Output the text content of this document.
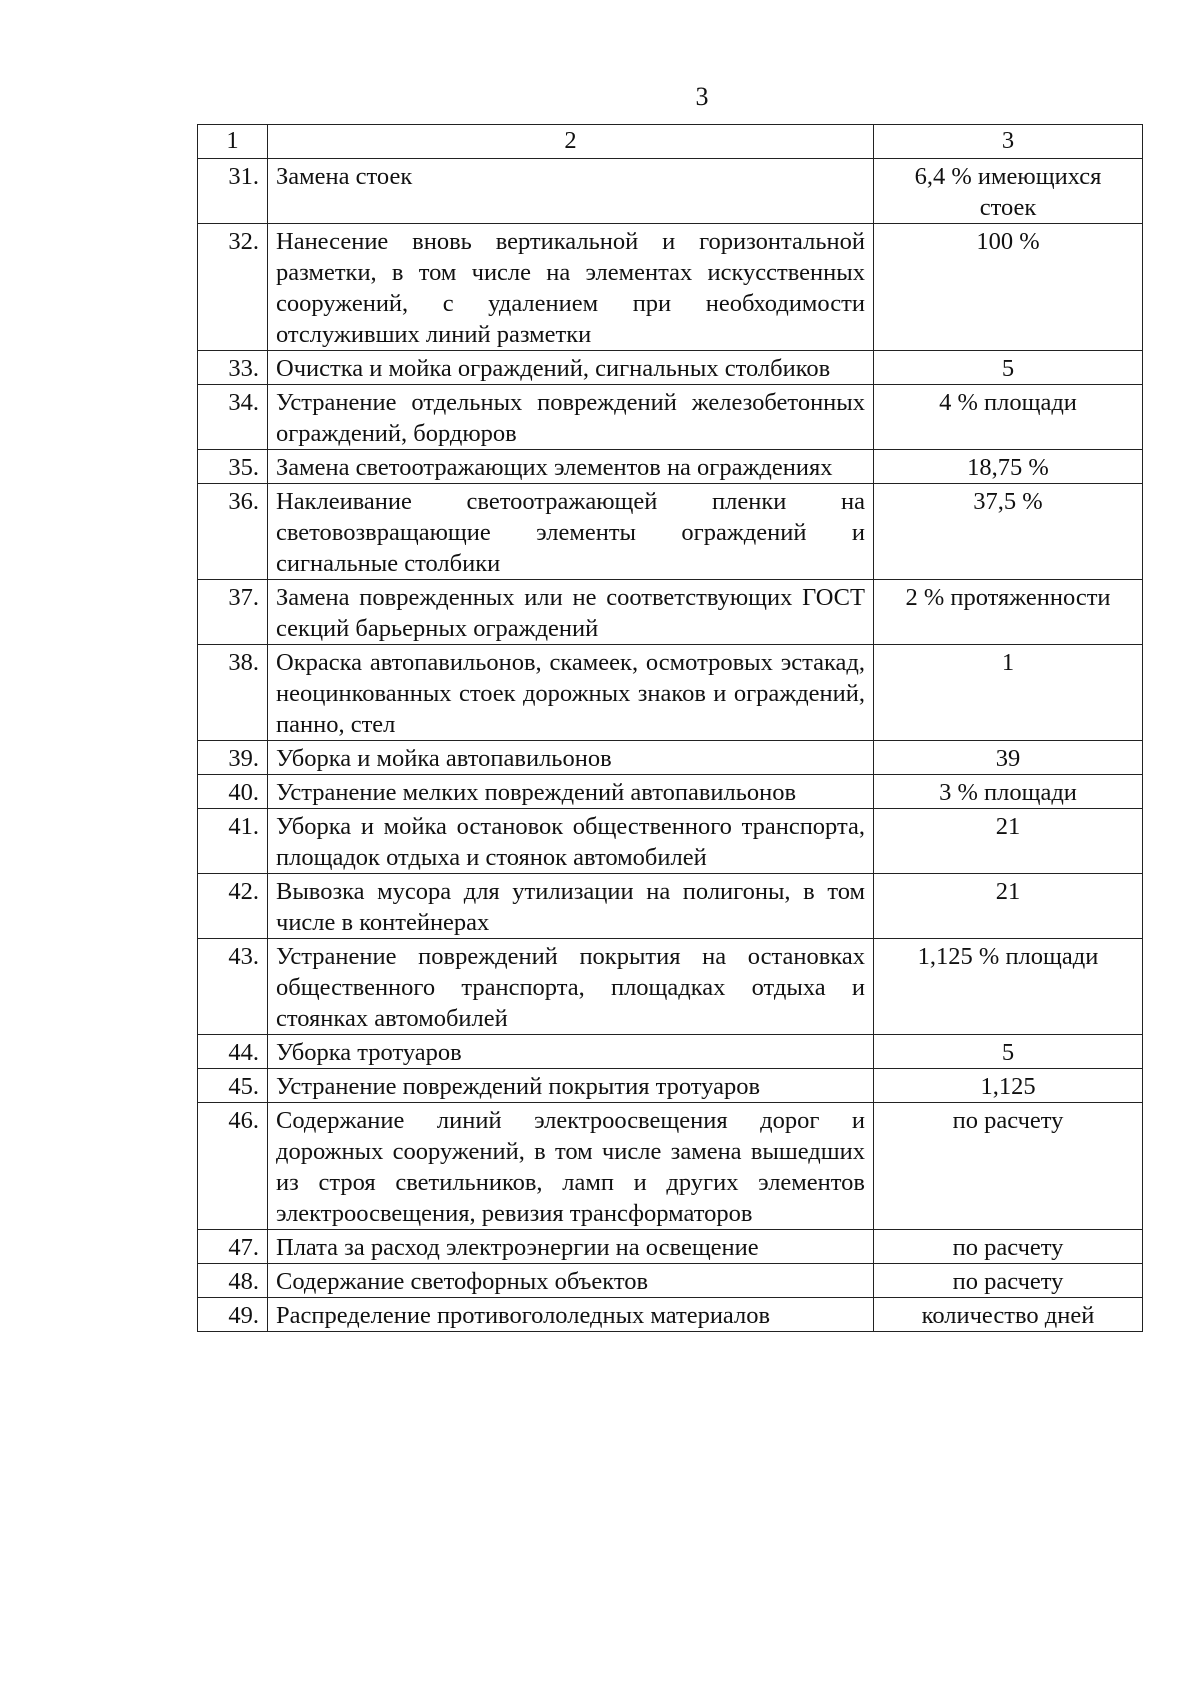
3
1	2	3
31.	Замена стоек	6,4 % имеющихся стоек
32.	Нанесение вновь вертикальной и горизонтальной разметки, в том числе на элементах искусственных сооружений, с удалением при необходимости отслуживших линий разметки	100 %
33.	Очистка и мойка ограждений, сигнальных столбиков	5
34.	Устранение отдельных повреждений железобетонных ограждений, бордюров	4 % площади
35.	Замена светоотражающих элементов на ограждениях	18,75 %
36.	Наклеивание светоотражающей пленки на световозвращающие элементы ограждений и сигнальные столбики	37,5 %
37.	Замена поврежденных или не соответствующих ГОСТ секций барьерных ограждений	2 % протяженности
38.	Окраска автопавильонов, скамеек, осмотровых эстакад, неоцинкованных стоек дорожных знаков и ограждений, панно, стел	1
39.	Уборка и мойка автопавильонов	39
40.	Устранение мелких повреждений автопавильонов	3 % площади
41.	Уборка и мойка остановок общественного транспорта, площадок отдыха и стоянок автомобилей	21
42.	Вывозка мусора для утилизации на полигоны, в том числе в контейнерах	21
43.	Устранение повреждений покрытия на остановках общественного транспорта, площадках отдыха и стоянках автомобилей	1,125 % площади
44.	Уборка тротуаров	5
45.	Устранение повреждений покрытия тротуаров	1,125
46.	Содержание линий электроосвещения дорог и дорожных сооружений, в том числе замена вышедших из строя светильников, ламп и других элементов электроосвещения, ревизия трансформаторов	по расчету
47.	Плата за расход электроэнергии на освещение	по расчету
48.	Содержание светофорных объектов	по расчету
49.	Распределение противогололедных материалов	количество дней
